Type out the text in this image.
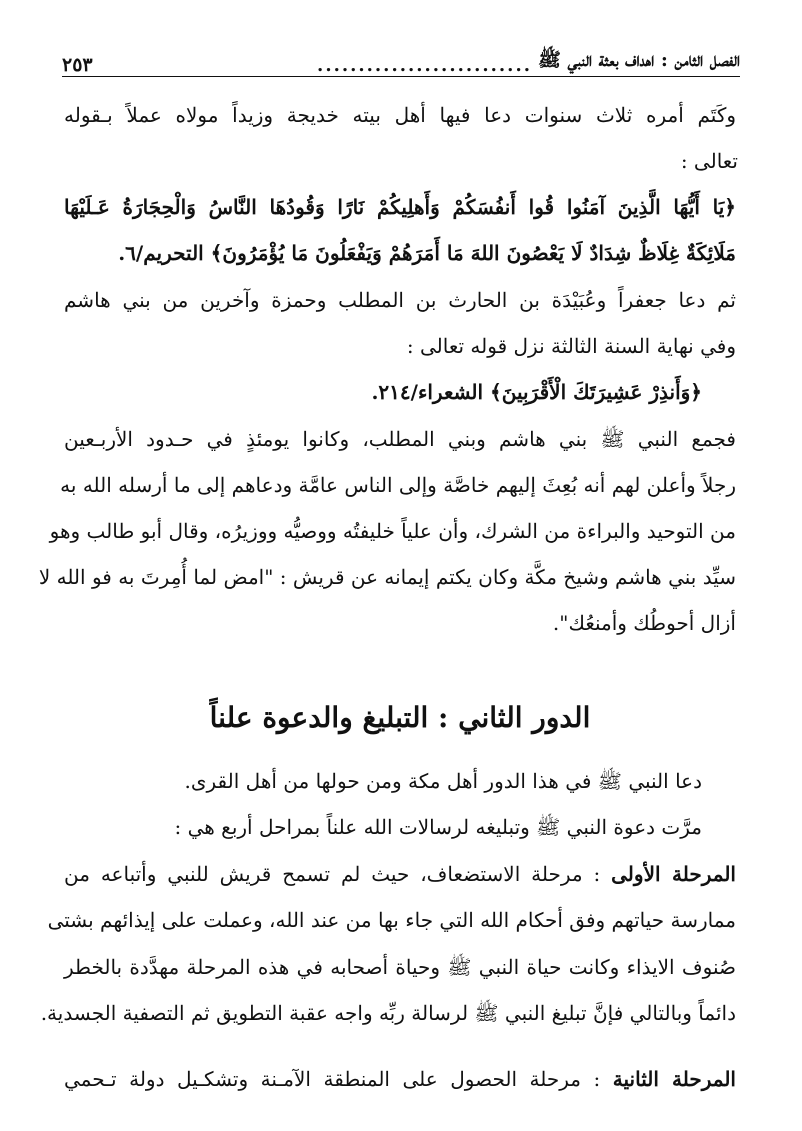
الفصل الثامن : اهداف بعثة النبي ﷺ
..........................
٢٥٣
وكَتَم أمره ثلاث سنوات دعا فيها أهل بيته خديجة وزيداً مولاه عملاً بـقوله
تعالى :
﴿يَا أَيُّهَا الَّذِينَ آمَنُوا قُوا أَنفُسَكُمْ وَأَهلِيكُمْ نَارًا وَقُودُهَا النَّاسُ وَالْحِجَارَةُ عَـلَيْهَا
مَلَائِكَةٌ غِلَاظٌ شِدَادٌ لَا يَعْصُونَ اللهَ مَا أَمَرَهُمْ وَيَفْعَلُونَ مَا يُؤْمَرُونَ﴾ التحريم/٦.
ثم دعا جعفراً وعُبَيْدَة بن الحارث بن المطلب وحمزة وآخرين من بني هاشم
وفي نهاية السنة الثالثة نزل قوله تعالى :
﴿وَأَنذِرْ عَشِيرَتَكَ الْأَقْرَبِينَ﴾ الشعراء/٢١٤.
فجمع النبي ﷺ بني هاشم وبني المطلب، وكانوا يومئذٍ في حـدود الأربـعين
رجلاً وأعلن لهم أنه بُعِثَ إليهم خاصَّة وإلى الناس عامَّة ودعاهم إلى ما أرسله الله به
من التوحيد والبراءة من الشرك، وأن علياً خليفتُه ووصيُّه ووزيرُه، وقال أبو طالب وهو
سيِّد بني هاشم وشيخ مكَّة وكان يكتم إيمانه عن قريش : "امض لما أُمِرتَ به فو الله لا
أزال أحوطُك وأمنعُك".
الدور الثاني : التبليغ والدعوة علناً
دعا النبي ﷺ في هذا الدور أهل مكة ومن حولها من أهل القرى.
مرَّت دعوة النبي ﷺ وتبليغه لرسالات الله علناً بمراحل أربع هي :
المرحلة الأولى : مرحلة الاستضعاف، حيث لم تسمح قريش للنبي وأتباعه من
ممارسة حياتهم وفق أحكام الله التي جاء بها من عند الله، وعملت على إيذائهم بشتى
صُنوف الايذاء وكانت حياة النبي ﷺ وحياة أصحابه في هذه المرحلة مهدَّدة بالخطر
دائماً وبالتالي فإنَّ تبليغ النبي ﷺ لرسالة ربِّه واجه عقبة التطويق ثم التصفية الجسدية.
المرحلة الثانية : مرحلة الحصول على المنطقة الآمـنة وتشكـيل دولة تـحمي
